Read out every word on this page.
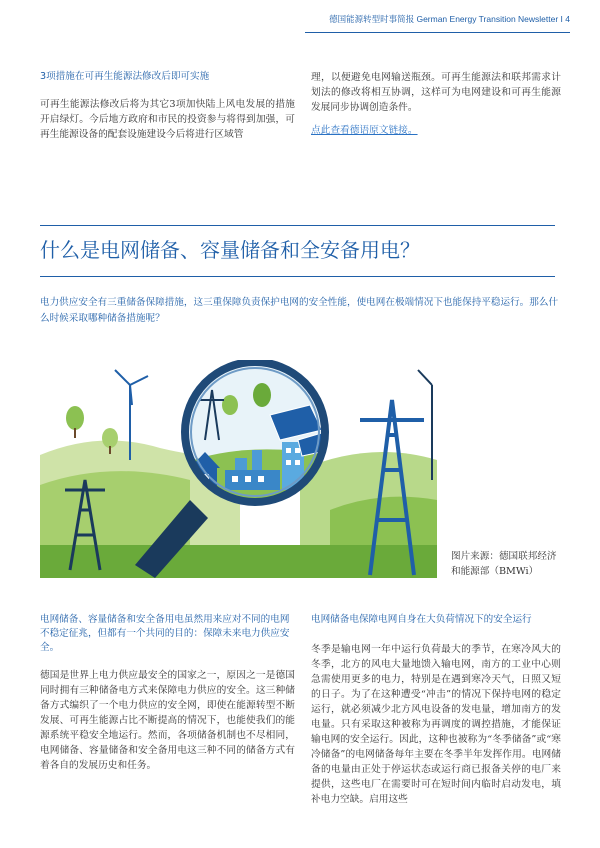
德国能源转型时事简报 German Energy Transition Newsletter I 4
3项措施在可再生能源法修改后即可实施
可再生能源法修改后将为其它3项加快陆上风电发展的措施开启绿灯。今后地方政府和市民的投资参与将得到加强，可再生能源设备的配套设施建设今后将进行区域管
理，以便避免电网输送瓶颈。可再生能源法和联邦需求计划法的修改将相互协调，这样可为电网建设和可再生能源发展同步协调创造条件。
点此查看德语原文链接。
什么是电网储备、容量储备和全安备用电？
电力供应安全有三重储备保障措施，这三重保障负责保护电网的安全性能，使电网在极端情况下也能保持平稳运行。那么什么时候采取哪种储备措施呢？
图片来源：德国联邦经济和能源部（BMWi）
电网储备、容量储备和安全备用电虽然用来应对不同的电网不稳定征兆，但都有一个共同的目的：保障未来电力供应安全。
德国是世界上电力供应最安全的国家之一，原因之一是德国同时拥有三种储备电方式来保障电力供应的安全。这三种储备方式编织了一个电力供应的安全网，即使在能源转型不断发展、可再生能源占比不断提高的情况下，也能使我们的能源系统平稳安全地运行。然而，各项储备机制也不尽相同，电网储备、容量储备和安全备用电这三种不同的储备方式有着各自的发展历史和任务。
电网储备电保障电网自身在大负荷情况下的安全运行
冬季是输电网一年中运行负荷最大的季节，在寒冷风大的冬季，北方的风电大量地馈入输电网，南方的工业中心则急需使用更多的电力，特别是在遇到寒冷天气，日照又短的日子。为了在这种遭受“冲击”的情况下保持电网的稳定运行，就必须减少北方风电设备的发电量，增加南方的发电量。只有采取这种被称为再调度的调控措施，才能保证输电网的安全运行。因此，这种也被称为“冬季储备”或“寒冷储备”的电网储备每年主要在冬季半年发挥作用。电网储备的电量由正处于停运状态或运行商已报备关停的电厂来提供，这些电厂在需要时可在短时间内临时启动发电，填补电力空缺。启用这些
